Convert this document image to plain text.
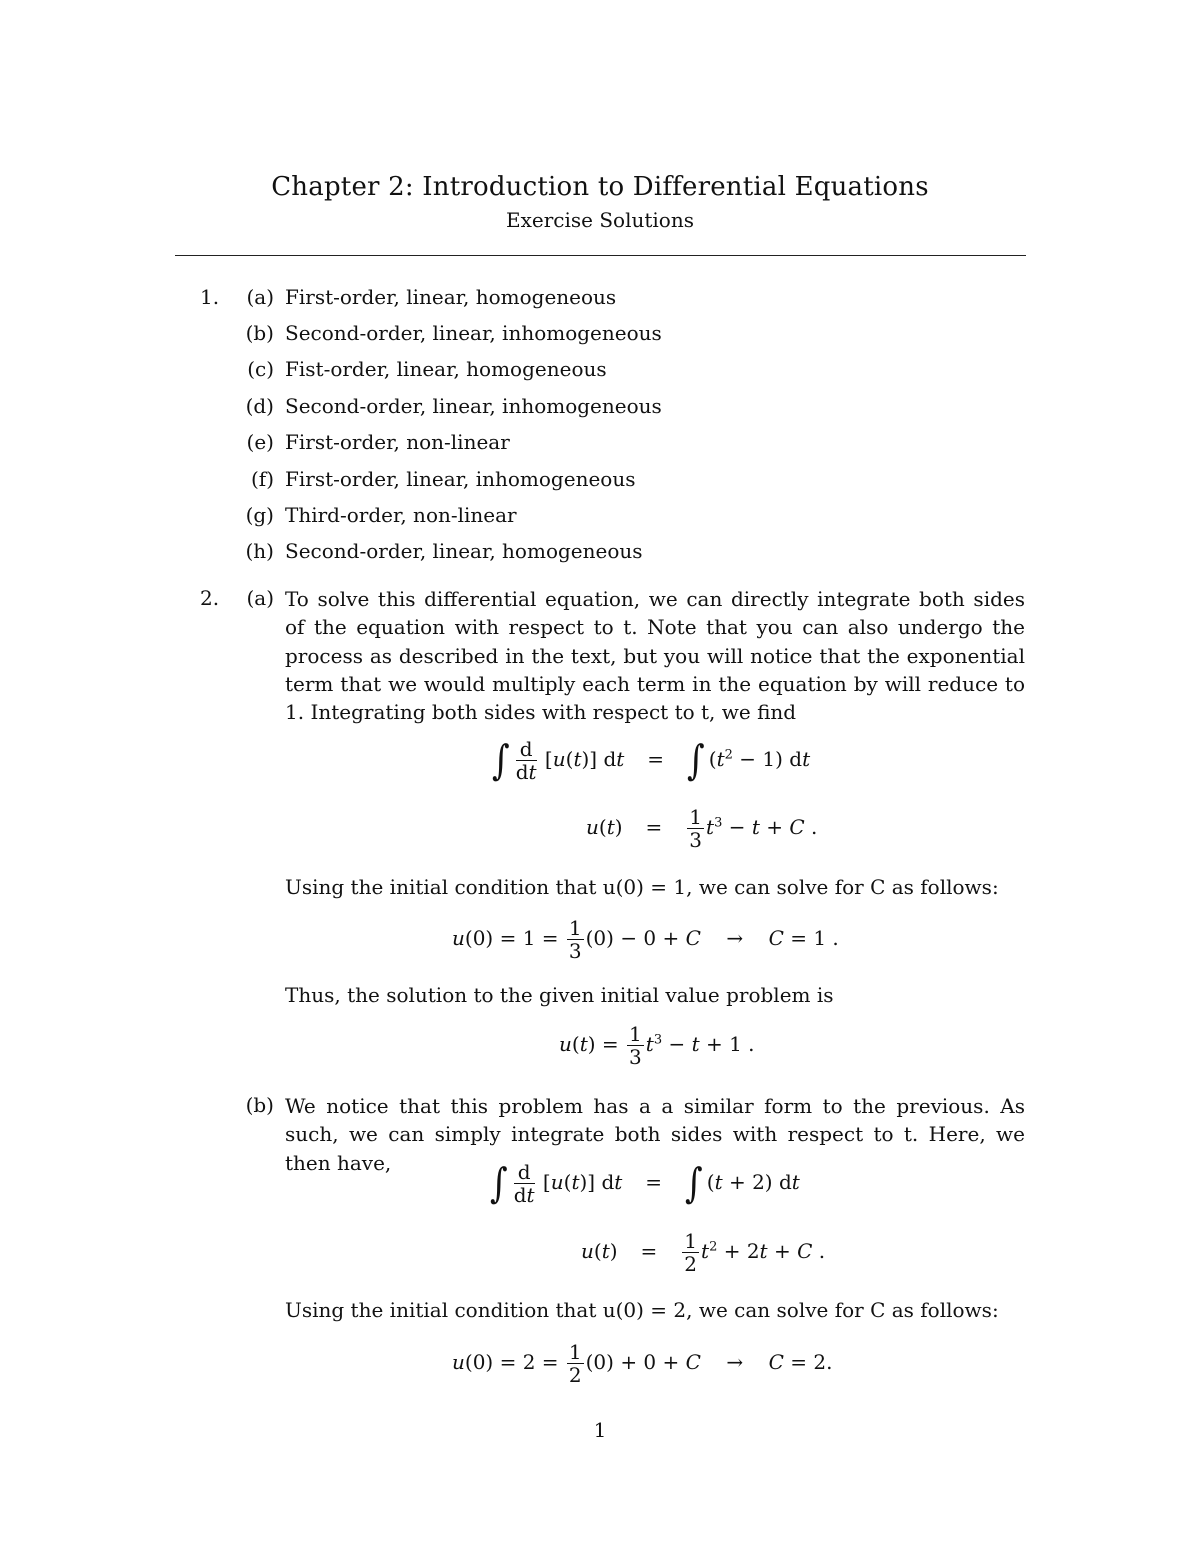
Chapter 2: Introduction to Differential Equations
Exercise Solutions
1.	(a) First-order, linear, homogeneous
(b) Second-order, linear, inhomogeneous
(c) Fist-order, linear, homogeneous
(d) Second-order, linear, inhomogeneous
(e) First-order, non-linear
(f) First-order, linear, inhomogeneous
(g) Third-order, non-linear
(h) Second-order, linear, homogeneous
2.	(a) To solve this differential equation, we can directly integrate both sides of the equation with respect to t. Note that you can also undergo the process as described in the text, but you will notice that the exponential term that we would multiply each term in the equation by will reduce to 1. Integrating both sides with respect to t, we find
∫ $\frac{d}{dt} [u(t)]$ dt = ∫ $(t^2 - 1)$ dt
$u(t) = \frac{1}{3} t^3 - t + C$ .
Using the initial condition that u(0) = 1, we can solve for C as follows:
$u(0) = 1 = \frac{1}{3} (0) - 0 + C$    →    C = 1 .
Thus, the solution to the given initial value problem is
$u(t) = \frac{1}{3} t^3 - t + 1$ .
(b) We notice that this problem has a a similar form to the previous. As such, we can simply integrate both sides with respect to t. Here, we then have,	∫ $\frac{d}{dt} [u(t)]$ dt = ∫ (t + 2) dt
$u(t) = \frac{1}{2} t^2 + 2t + C$ .
Using the initial condition that u(0) = 2, we can solve for C as follows:
$u(0) = 2 = \frac{1}{2} (0) + 0 + C$    →    C = 2.
1
